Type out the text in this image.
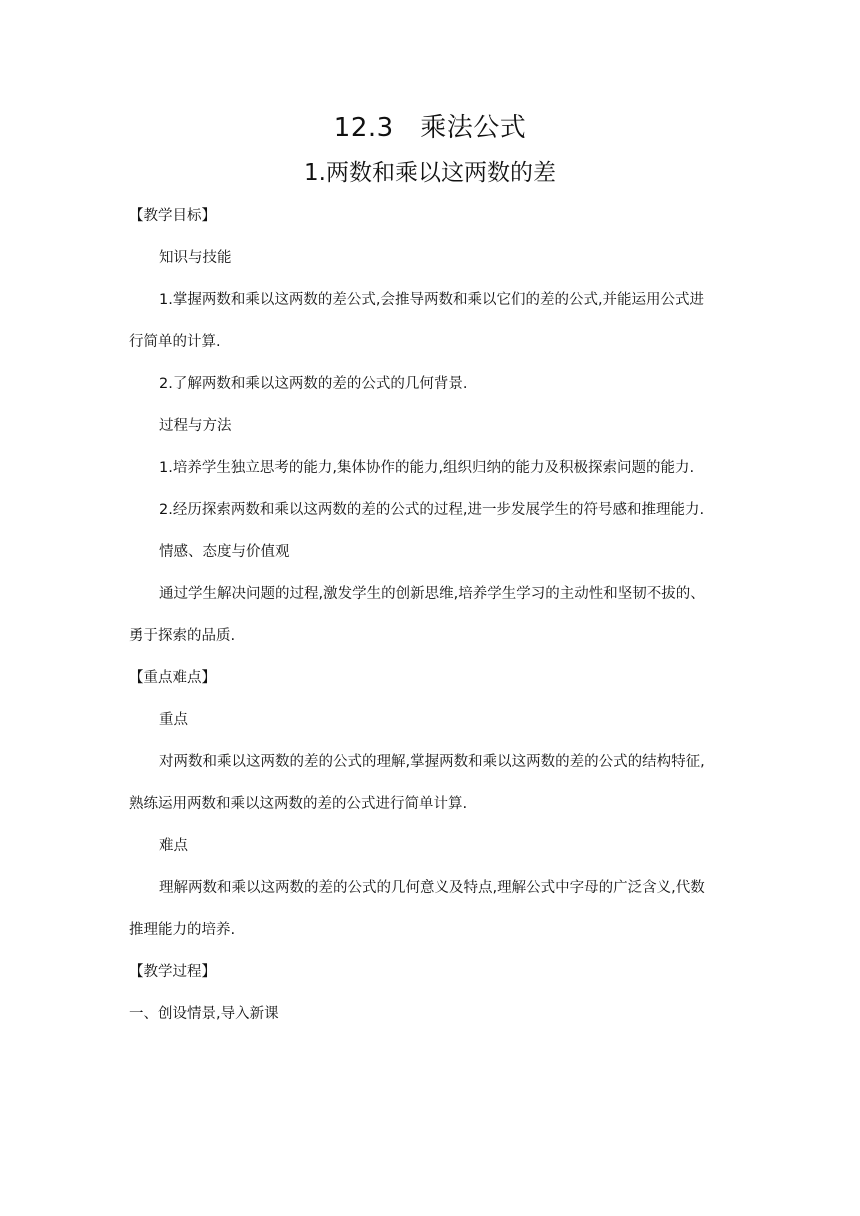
12.3　乘法公式
1.两数和乘以这两数的差
【教学目标】
知识与技能
1.掌握两数和乘以这两数的差公式,会推导两数和乘以它们的差的公式,并能运用公式进
行简单的计算.
2.了解两数和乘以这两数的差的公式的几何背景.
过程与方法
1.培养学生独立思考的能力,集体协作的能力,组织归纳的能力及积极探索问题的能力.
2.经历探索两数和乘以这两数的差的公式的过程,进一步发展学生的符号感和推理能力.
情感、态度与价值观
通过学生解决问题的过程,激发学生的创新思维,培养学生学习的主动性和坚韧不拔的、
勇于探索的品质.
【重点难点】
重点
对两数和乘以这两数的差的公式的理解,掌握两数和乘以这两数的差的公式的结构特征,
熟练运用两数和乘以这两数的差的公式进行简单计算.
难点
理解两数和乘以这两数的差的公式的几何意义及特点,理解公式中字母的广泛含义,代数
推理能力的培养.
【教学过程】
一、创设情景,导入新课
